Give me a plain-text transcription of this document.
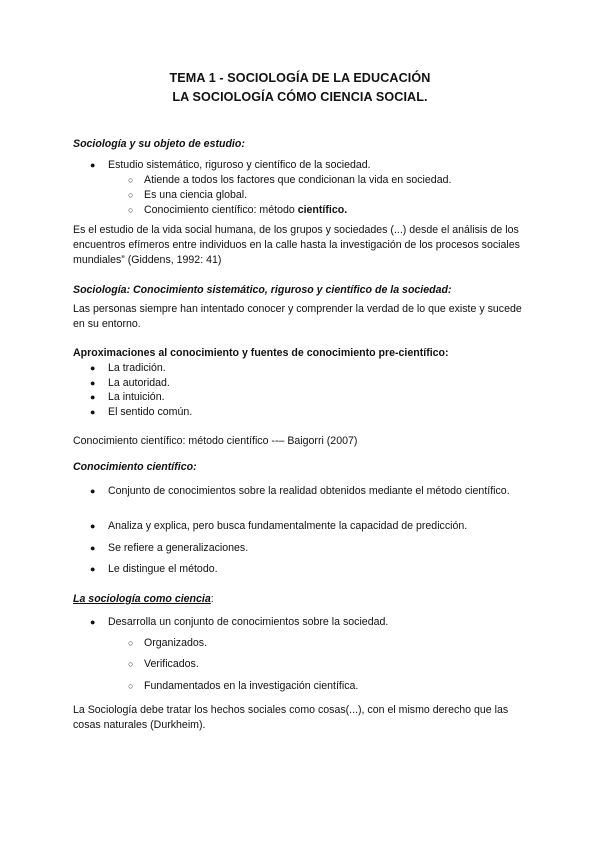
TEMA 1 - SOCIOLOGÍA DE LA EDUCACIÓN
LA SOCIOLOGÍA CÓMO CIENCIA SOCIAL.
Sociología y su objeto de estudio:
● Estudio sistemático, riguroso y científico de la sociedad.
○ Atiende a todos los factores que condicionan la vida en sociedad.
○ Es una ciencia global.
○ Conocimiento científico: método científico.
Es el estudio de la vida social humana, de los grupos y sociedades (...) desde el análisis de los encuentros efímeros entre individuos en la calle hasta la investigación de los procesos sociales mundiales” (Giddens, 1992: 41)
Sociología: Conocimiento sistemático, riguroso y científico de la sociedad:
Las personas siempre han intentado conocer y comprender la verdad de lo que existe y sucede en su entorno.
Aproximaciones al conocimiento y fuentes de conocimiento pre-científico:
● La tradición.
● La autoridad.
● La intuición.
● El sentido común.
Conocimiento científico: método científico --– Baigorri (2007)
Conocimiento científico:
● Conjunto de conocimientos sobre la realidad obtenidos mediante el método científico.
● Analiza y explica, pero busca fundamentalmente la capacidad de predicción.
● Se refiere a generalizaciones.
● Le distingue el método.
La sociología como ciencia:
● Desarrolla un conjunto de conocimientos sobre la sociedad.
○ Organizados.
○ Verificados.
○ Fundamentados en la investigación científica.
La Sociología debe tratar los hechos sociales como cosas(...), con el mismo derecho que las cosas naturales (Durkheim).
